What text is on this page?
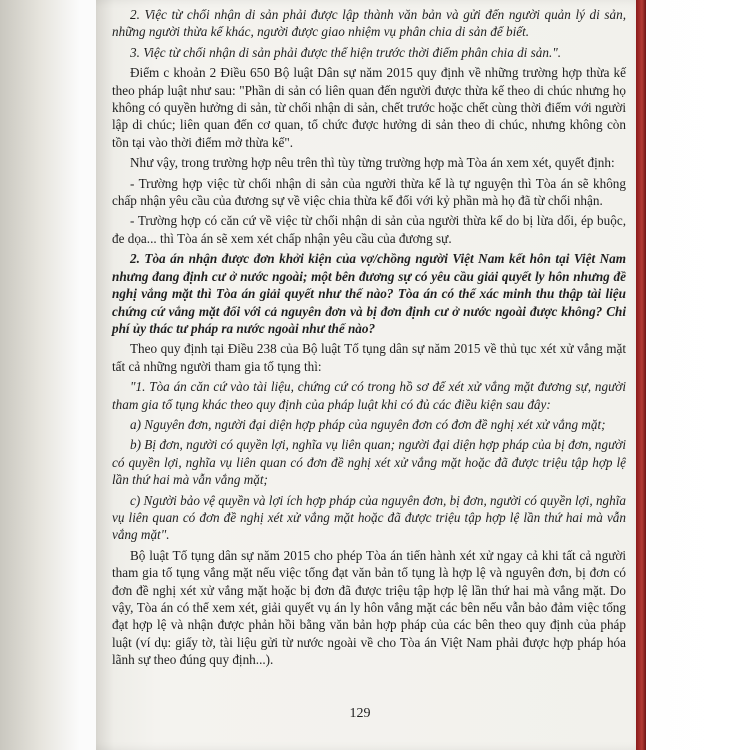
2. Việc từ chối nhận di sản phải được lập thành văn bản và gửi đến người quản lý di sản, những người thừa kế khác, người được giao nhiệm vụ phân chia di sản để biết.

3. Việc từ chối nhận di sản phải được thể hiện trước thời điểm phân chia di sản.".

Điểm c khoản 2 Điều 650 Bộ luật Dân sự năm 2015 quy định về những trường hợp thừa kế theo pháp luật như sau: "Phần di sản có liên quan đến người được thừa kế theo di chúc nhưng họ không có quyền hưởng di sản, từ chối nhận di sản, chết trước hoặc chết cùng thời điểm với người lập di chúc; liên quan đến cơ quan, tổ chức được hưởng di sản theo di chúc, nhưng không còn tồn tại vào thời điểm mở thừa kế".

Như vậy, trong trường hợp nêu trên thì tùy từng trường hợp mà Tòa án xem xét, quyết định:

- Trường hợp việc từ chối nhận di sản của người thừa kế là tự nguyện thì Tòa án sẽ không chấp nhận yêu cầu của đương sự về việc chia thừa kế đối với kỷ phần mà họ đã từ chối nhận.

- Trường hợp có căn cứ về việc từ chối nhận di sản của người thừa kế do bị lừa dối, ép buộc, đe dọa... thì Tòa án sẽ xem xét chấp nhận yêu cầu của đương sự.

2. Tòa án nhận được đơn khởi kiện của vợ/chồng người Việt Nam kết hôn tại Việt Nam nhưng đang định cư ở nước ngoài; một bên đương sự có yêu cầu giải quyết ly hôn nhưng đề nghị vắng mặt thì Tòa án giải quyết như thế nào? Tòa án có thể xác minh thu thập tài liệu chứng cứ vắng mặt đối với cả nguyên đơn và bị đơn định cư ở nước ngoài được không? Chi phí ủy thác tư pháp ra nước ngoài như thế nào?

Theo quy định tại Điều 238 của Bộ luật Tố tụng dân sự năm 2015 về thủ tục xét xử vắng mặt tất cả những người tham gia tố tụng thì:

"1. Tòa án căn cứ vào tài liệu, chứng cứ có trong hồ sơ để xét xử vắng mặt đương sự, người tham gia tố tụng khác theo quy định của pháp luật khi có đủ các điều kiện sau đây:

a) Nguyên đơn, người đại diện hợp pháp của nguyên đơn có đơn đề nghị xét xử vắng mặt;

b) Bị đơn, người có quyền lợi, nghĩa vụ liên quan; người đại diện hợp pháp của bị đơn, người có quyền lợi, nghĩa vụ liên quan có đơn đề nghị xét xử vắng mặt hoặc đã được triệu tập hợp lệ lần thứ hai mà vẫn vắng mặt;

c) Người bảo vệ quyền và lợi ích hợp pháp của nguyên đơn, bị đơn, người có quyền lợi, nghĩa vụ liên quan có đơn đề nghị xét xử vắng mặt hoặc đã được triệu tập hợp lệ lần thứ hai mà vẫn vắng mặt".

Bộ luật Tố tụng dân sự năm 2015 cho phép Tòa án tiến hành xét xử ngay cả khi tất cả người tham gia tố tụng vắng mặt nếu việc tống đạt văn bản tố tụng là hợp lệ và nguyên đơn, bị đơn có đơn đề nghị xét xử vắng mặt hoặc bị đơn đã được triệu tập hợp lệ lần thứ hai mà vắng mặt. Do vậy, Tòa án có thể xem xét, giải quyết vụ án ly hôn vắng mặt các bên nếu vẫn bảo đảm việc tống đạt hợp lệ và nhận được phản hồi bằng văn bản hợp pháp của các bên theo quy định của pháp luật (ví dụ: giấy tờ, tài liệu gửi từ nước ngoài về cho Tòa án Việt Nam phải được hợp pháp hóa lãnh sự theo đúng quy định...).

129
